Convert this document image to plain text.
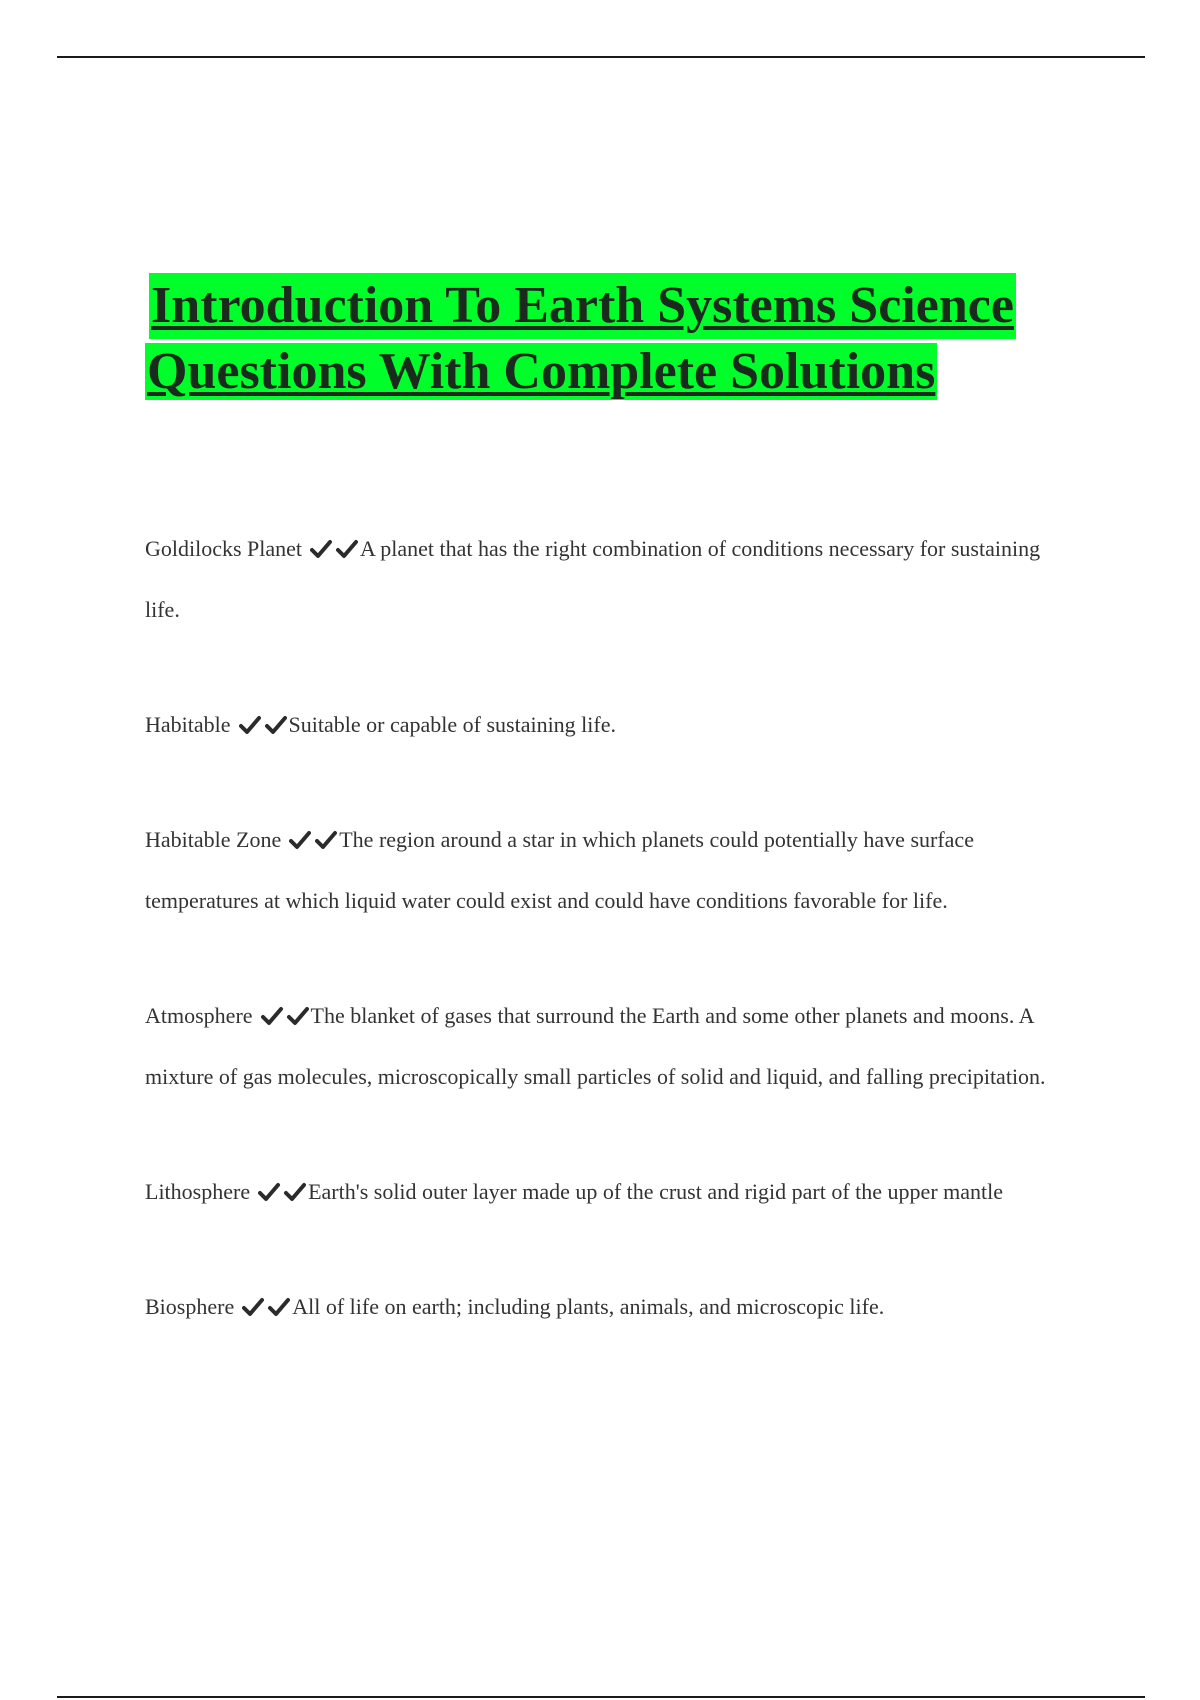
Introduction To Earth Systems Science
Questions With Complete Solutions

Goldilocks Planet	A planet that has the right combination of conditions necessary for sustaining life.

Habitable	Suitable or capable of sustaining life.

Habitable Zone	The region around a star in which planets could potentially have surface temperatures at which liquid water could exist and could have conditions favorable for life.

Atmosphere	The blanket of gases that surround the Earth and some other planets and moons. A mixture of gas molecules, microscopically small particles of solid and liquid, and falling precipitation.

Lithosphere	Earth's solid outer layer made up of the crust and rigid part of the upper mantle

Biosphere	All of life on earth; including plants, animals, and microscopic life.
